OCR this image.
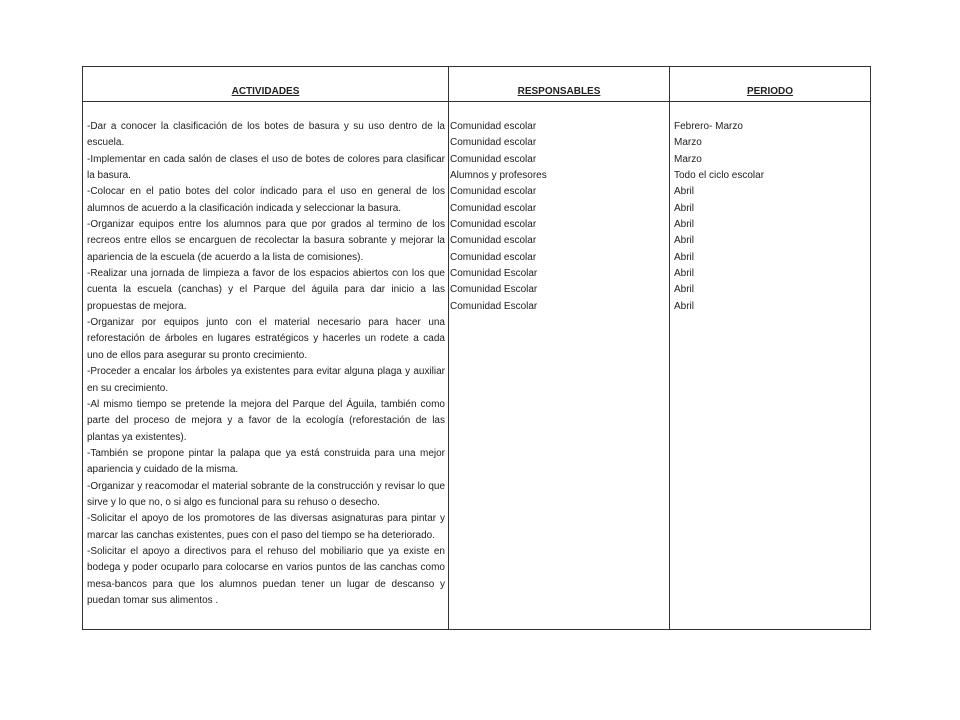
ACTIVIDADES	RESPONSABLES	PERIODO

-Dar a conocer la clasificación de los botes de basura y su uso dentro de la escuela.

-Implementar en cada salón de clases el uso de botes de colores para clasificar la basura.

-Colocar en el patio botes del color indicado para el uso en general de los alumnos de acuerdo a la clasificación indicada y seleccionar la basura.

-Organizar equipos entre los alumnos para que por grados al termino de los recreos entre ellos se encarguen de recolectar la basura sobrante y mejorar la apariencia de la escuela (de acuerdo a la lista de comisiones).

-Realizar una jornada de limpieza a favor de los espacios abiertos con los que cuenta la escuela (canchas) y el Parque del águila para dar inicio a las propuestas de mejora.

-Organizar por equipos junto con el material necesario para hacer una reforestación de árboles en lugares estratégicos y hacerles un rodete a cada uno de ellos para asegurar su pronto crecimiento.

-Proceder a encalar los árboles ya existentes para evitar alguna plaga y auxiliar en su crecimiento.

-Al mismo tiempo se pretende la mejora del Parque del Águila, también como parte del proceso de mejora y a favor de la ecología (reforestación de las plantas ya existentes).

-También se propone pintar la palapa que ya está construida para una mejor apariencia y cuidado de la misma.

-Organizar y reacomodar el material sobrante de la construcción y revisar lo que sirve y lo que no, o si algo es funcional para su rehuso o desecho.

-Solicitar el apoyo de los promotores de las diversas asignaturas para pintar y marcar las canchas existentes, pues con el paso del tiempo se ha deteriorado.

-Solicitar el apoyo a directivos para el rehuso del mobiliario que ya existe en bodega y poder ocuparlo para colocarse en varios puntos de las canchas como mesa-bancos para que los alumnos puedan tener un lugar de descanso y puedan tomar sus alimentos .

Comunidad escolar
Comunidad escolar
Comunidad escolar
Alumnos y profesores
Comunidad escolar
Comunidad escolar
Comunidad escolar
Comunidad escolar
Comunidad escolar
Comunidad Escolar
Comunidad Escolar
Comunidad Escolar
Febrero- Marzo
Marzo
Marzo
Todo el ciclo escolar
Abril
Abril
Abril
Abril
Abril
Abril
Abril
Abril
